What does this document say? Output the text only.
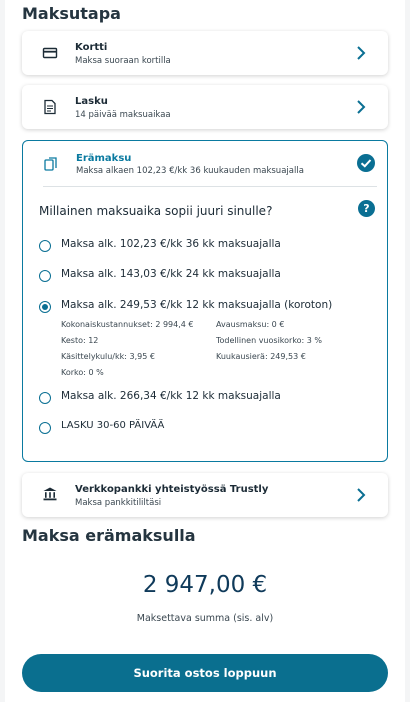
Maksutapa
Kortti
Maksa suoraan kortilla
Lasku
14 päivää maksuaikaa
Erämaksu
Maksa alkaen 102,23 €/kk 36 kuukauden maksuajalla
Millainen maksuaika sopii juuri sinulle?	?
Maksa alk. 102,23 €/kk 36 kk maksuajalla
Maksa alk. 143,03 €/kk 24 kk maksuajalla
Maksa alk. 249,53 €/kk 12 kk maksuajalla (koroton)
Kokonaiskustannukset: 2 994,4 €	Avausmaksu: 0 €
Kesto: 12	Todellinen vuosikorko: 3 %
Käsittelykulu/kk: 3,95 €	Kuukausierä: 249,53 €
Korko: 0 %
Maksa alk. 266,34 €/kk 12 kk maksuajalla
LASKU 30-60 PÄIVÄÄ
Verkkopankki yhteistyössä Trustly
Maksa pankkitililtäsi
Maksa erämaksulla
2 947,00 €
Maksettava summa (sis. alv)
Suorita ostos loppuun
